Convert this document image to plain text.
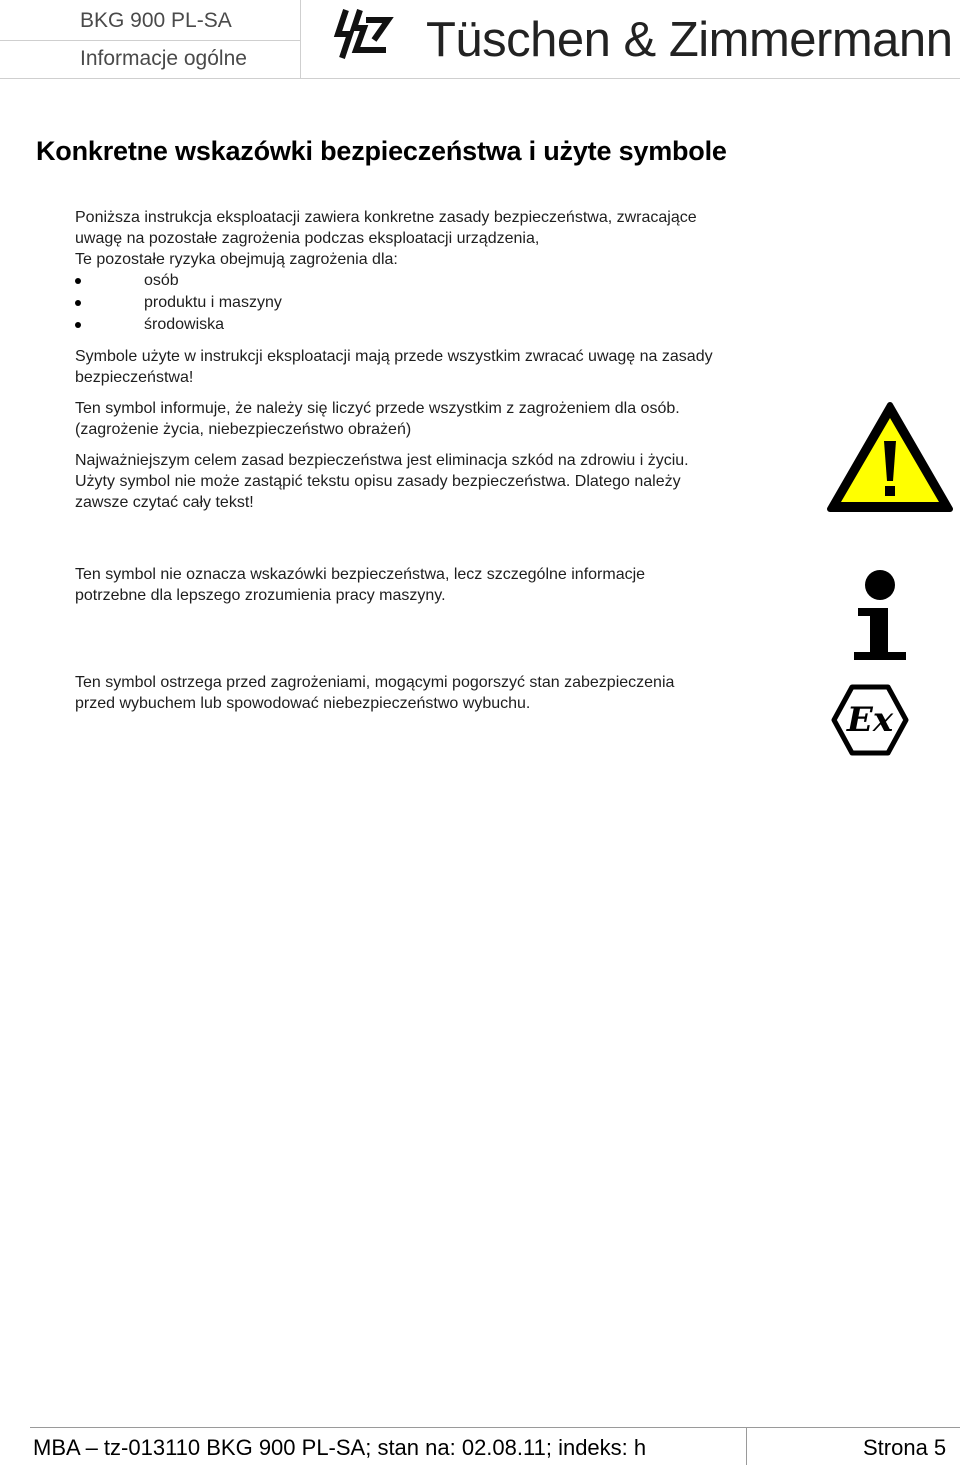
BKG 900 PL-SA
Informacje ogólne	Tüschen & Zimmermann
Konkretne wskazówki bezpieczeństwa i użyte symbole
Poniższa instrukcja eksploatacji zawiera konkretne zasady bezpieczeństwa, zwracające
uwagę na pozostałe zagrożenia podczas eksploatacji urządzenia,
Te pozostałe ryzyka obejmują zagrożenia dla:
osób
produktu i maszyny
środowiska
Symbole użyte w instrukcji eksploatacji mają przede wszystkim zwracać uwagę na zasady
bezpieczeństwa!
Ten symbol informuje, że należy się liczyć przede wszystkim z zagrożeniem dla osób.
(zagrożenie życia, niebezpieczeństwo obrażeń)
Najważniejszym celem zasad bezpieczeństwa jest eliminacja szkód na zdrowiu i życiu.
Użyty symbol nie może zastąpić tekstu opisu zasady bezpieczeństwa. Dlatego należy
zawsze czytać cały tekst!
Ten symbol nie oznacza wskazówki bezpieczeństwa, lecz szczególne informacje
potrzebne dla lepszego zrozumienia pracy maszyny.
Ten symbol ostrzega przed zagrożeniami, mogącymi pogorszyć stan zabezpieczenia
przed wybuchem lub spowodować niebezpieczeństwo wybuchu.	Ex
MBA – tz-013110 BKG 900 PL-SA; stan na: 02.08.11; indeks: h	Strona 5
